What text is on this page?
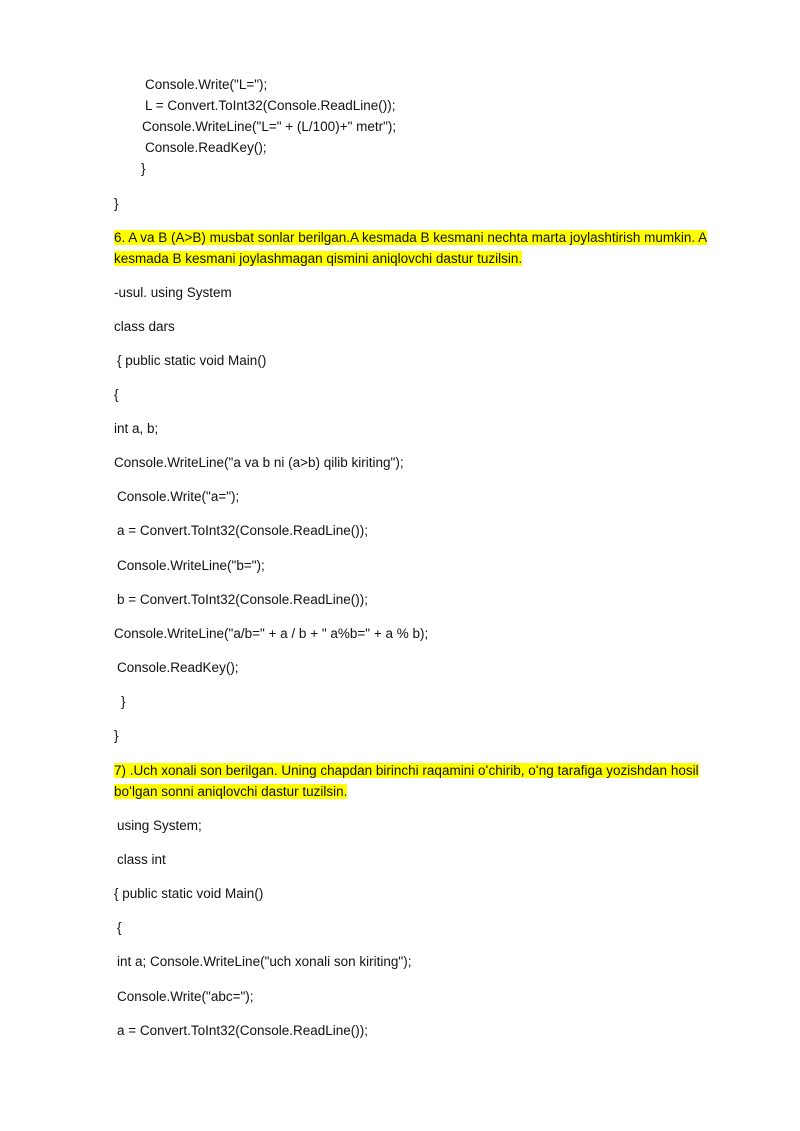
Console.Write("L=");
L = Convert.ToInt32(Console.ReadLine());
Console.WriteLine("L=" + (L/100)+" metr");
Console.ReadKey();
}
}
6. A va B (A>B) musbat sonlar berilgan.A kesmada B kesmani nechta marta joylashtirish mumkin. A kesmada B kesmani joylashmagan qismini aniqlovchi dastur tuzilsin.
-usul. using System
class dars
{ public static void Main()
{
int a, b;
Console.WriteLine("a va b ni (a>b) qilib kiriting");
Console.Write("a=");
a = Convert.ToInt32(Console.ReadLine());
Console.WriteLine("b=");
b = Convert.ToInt32(Console.ReadLine());
Console.WriteLine("a/b=" + a / b + " a%b=" + a % b);
Console.ReadKey();
}
}
7) .Uch xonali son berilgan. Uning chapdan birinchi raqamini oʻchirib, oʻng tarafiga yozishdan hosil boʻlgan sonni aniqlovchi dastur tuzilsin.
using System;
class int
{ public static void Main()
{
int a; Console.WriteLine("uch xonali son kiriting");
Console.Write("abc=");
a = Convert.ToInt32(Console.ReadLine());
